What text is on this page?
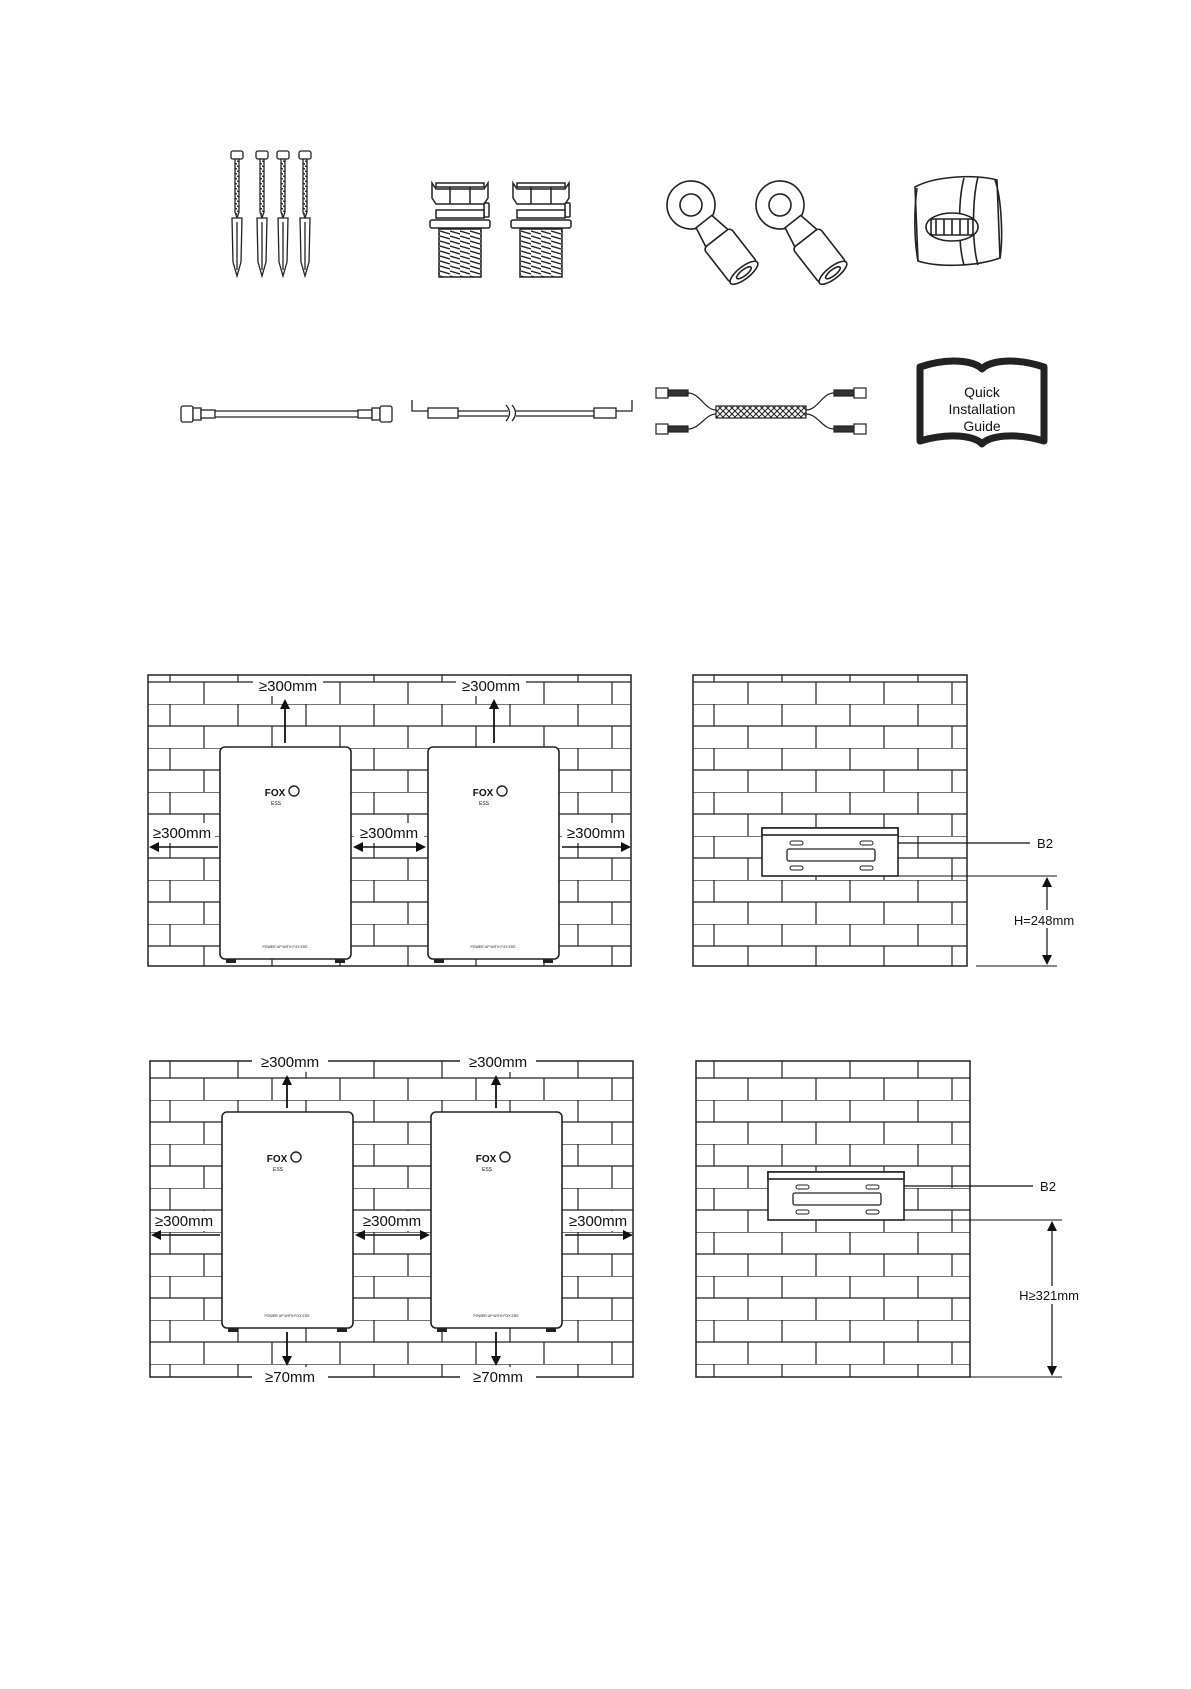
Quick
Installation
Guide
FOX
ESS
POWER UP WITH FOX ESS
FOX
ESS
POWER UP WITH FOX ESS
≥300mm	≥300mm
≥300mm	≥300mm	≥300mm
B2
H=248mm
FOX
ESS
POWER UP WITH FOX ESS
FOX
ESS
POWER UP WITH FOX ESS
≥300mm	≥300mm
≥300mm	≥300mm	≥300mm
≥70mm	≥70mm
B2
H≥321mm
